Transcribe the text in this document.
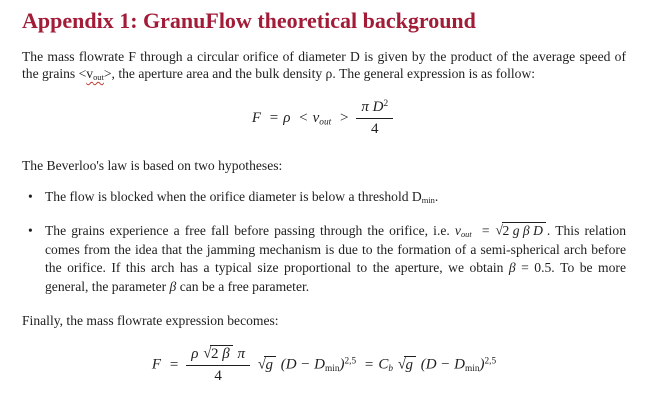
Appendix 1: GranuFlow theoretical background

The mass flowrate F through a circular orifice of diameter D is given by the product of the average speed of the grains $<v_{out}>$, the aperture area and the bulk density ρ. The general expression is as follow:

$F = \rho < v_{out} > \frac{\pi D^2}{4}$

The Beverloo's law is based on two hypotheses:

• The flow is blocked when the orifice diameter is below a threshold $D_{min}$.
• The grains experience a free fall before passing through the orifice, i.e. $v_{out} = √2$ g β D . This relation comes from the idea that the jamming mechanism is due to the formation of a semi-spherical arch before the orifice. If this arch has a typical size proportional to the aperture, we obtain β = 0.5. To be more general, the parameter β can be a free parameter.

Finally, the mass flowrate expression becomes:

$F = \frac{\text{ρ √2 β π}}{4} √g$ $(D - D_{min})^{2,5} = C_b$ √g $(D - D_{min})^{2,5}$
